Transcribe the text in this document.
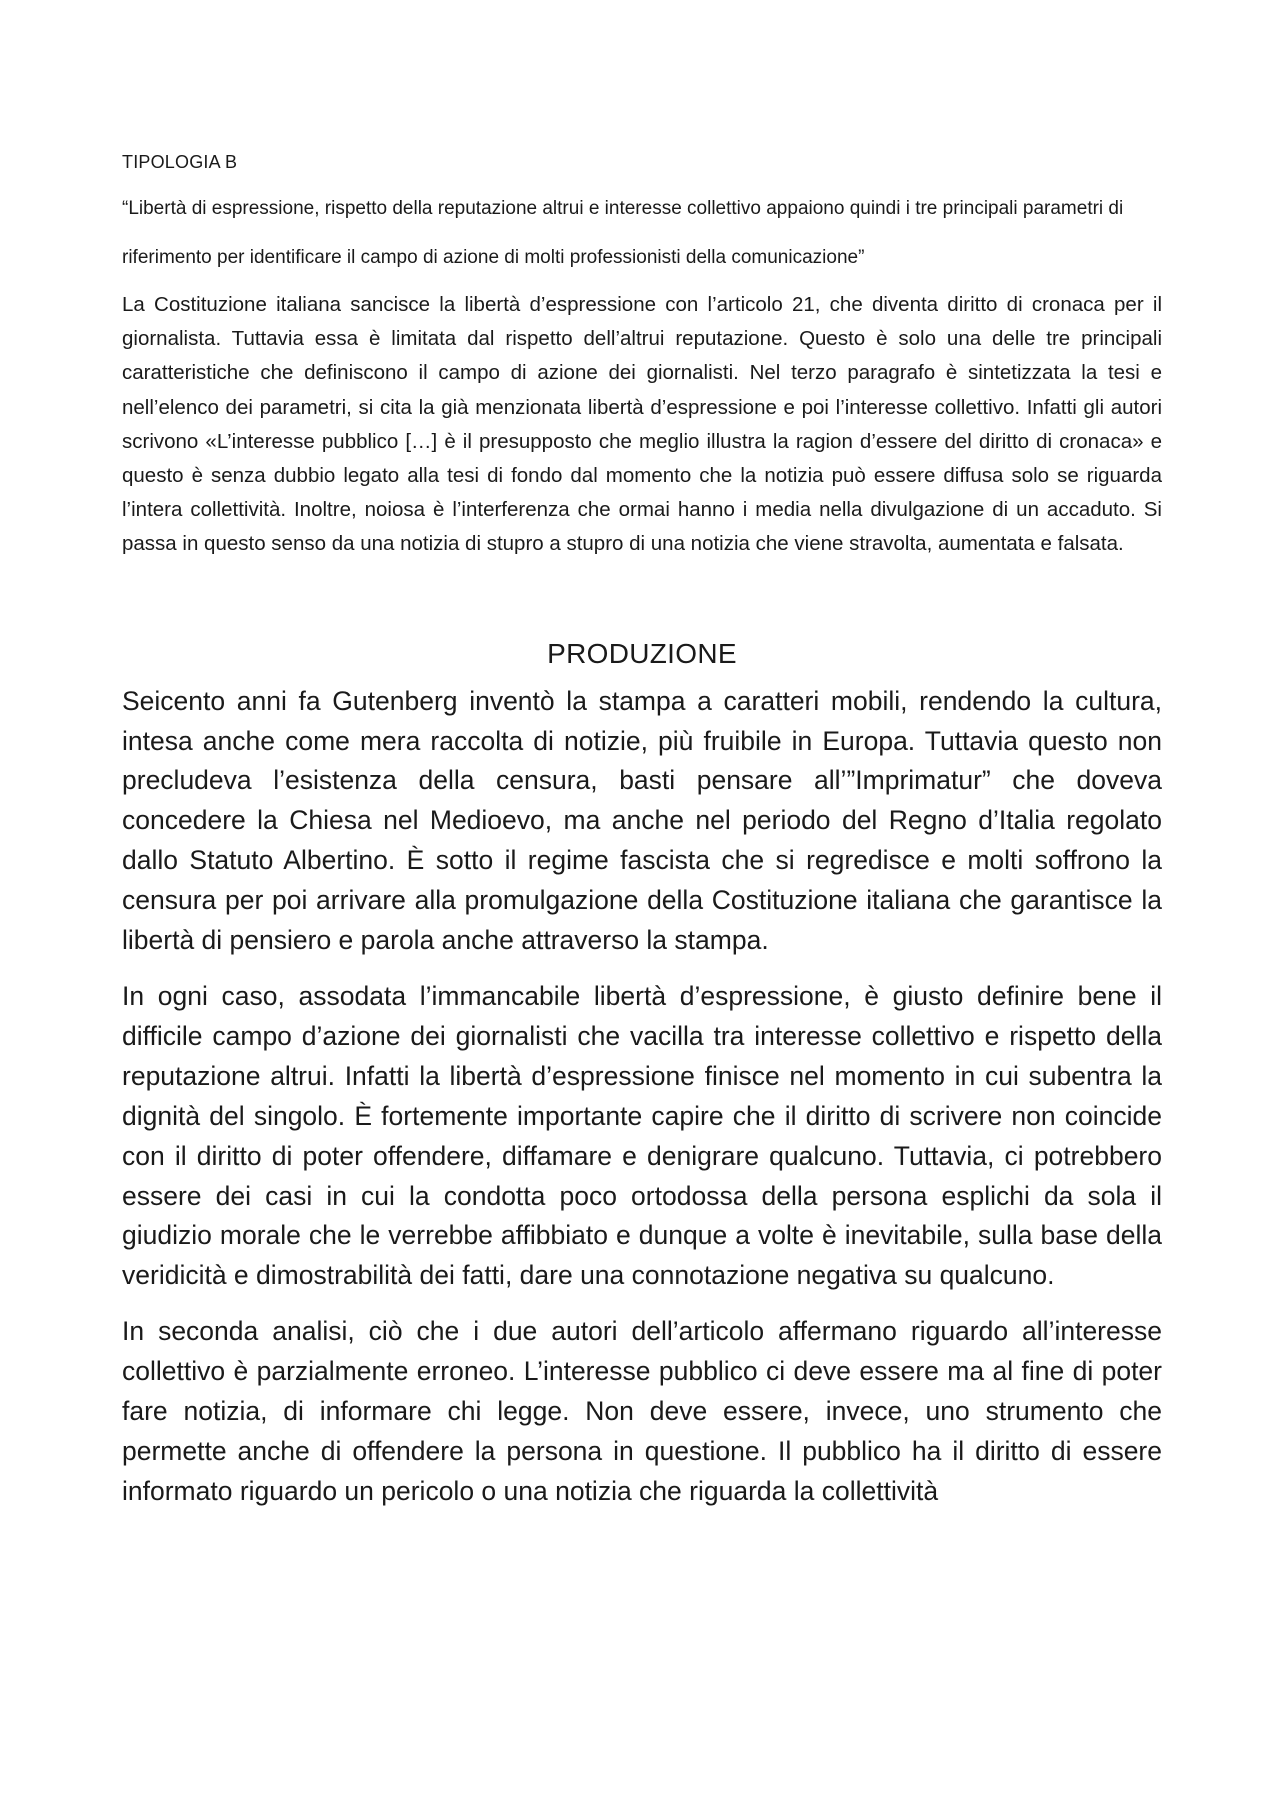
TIPOLOGIA B

“Libertà di espressione, rispetto della reputazione altrui e interesse collettivo appaiono quindi i tre principali parametri di riferimento per identificare il campo di azione di molti professionisti della comunicazione”

La Costituzione italiana sancisce la libertà d’espressione con l’articolo 21, che diventa diritto di cronaca per il giornalista. Tuttavia essa è limitata dal rispetto dell’altrui reputazione. Questo è solo una delle tre principali caratteristiche che definiscono il campo di azione dei giornalisti. Nel terzo paragrafo è sintetizzata la tesi e nell’elenco dei parametri, si cita la già menzionata libertà d’espressione e poi l’interesse collettivo. Infatti gli autori scrivono «L’interesse pubblico […] è il presupposto che meglio illustra la ragion d’essere del diritto di cronaca» e questo è senza dubbio legato alla tesi di fondo dal momento che la notizia può essere diffusa solo se riguarda l’intera collettività. Inoltre, noiosa è l’interferenza che ormai hanno i media nella divulgazione di un accaduto. Si passa in questo senso da una notizia di stupro a stupro di una notizia che viene stravolta, aumentata e falsata.

PRODUZIONE

Seicento anni fa Gutenberg inventò la stampa a caratteri mobili, rendendo la cultura, intesa anche come mera raccolta di notizie, più fruibile in Europa. Tuttavia questo non precludeva l’esistenza della censura, basti pensare all’”Imprimatur” che doveva concedere la Chiesa nel Medioevo, ma anche nel periodo del Regno d’Italia regolato dallo Statuto Albertino. È sotto il regime fascista che si regredisce e molti soffrono la censura per poi arrivare alla promulgazione della Costituzione italiana che garantisce la libertà di pensiero e parola anche attraverso la stampa.

In ogni caso, assodata l’immancabile libertà d’espressione, è giusto definire bene il difficile campo d’azione dei giornalisti che vacilla tra interesse collettivo e rispetto della reputazione altrui. Infatti la libertà d’espressione finisce nel momento in cui subentra la dignità del singolo. È fortemente importante capire che il diritto di scrivere non coincide con il diritto di poter offendere, diffamare e denigrare qualcuno. Tuttavia, ci potrebbero essere dei casi in cui la condotta poco ortodossa della persona esplichi da sola il giudizio morale che le verrebbe affibbiato e dunque a volte è inevitabile, sulla base della veridicità e dimostrabilità dei fatti, dare una connotazione negativa su qualcuno.

In seconda analisi, ciò che i due autori dell’articolo affermano riguardo all’interesse collettivo è parzialmente erroneo. L’interesse pubblico ci deve essere ma al fine di poter fare notizia, di informare chi legge. Non deve essere, invece, uno strumento che permette anche di offendere la persona in questione. Il pubblico ha il diritto di essere informato riguardo un pericolo o una notizia che riguarda la collettività
